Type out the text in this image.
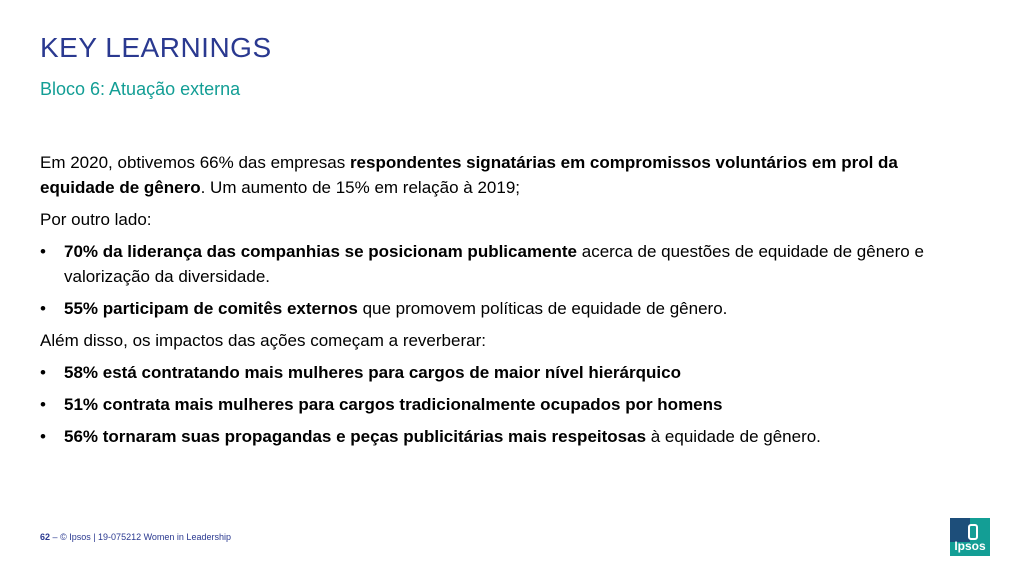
KEY LEARNINGS
Bloco 6: Atuação externa

Em 2020, obtivemos 66% das empresas respondentes signatárias em compromissos voluntários em prol da equidade de gênero. Um aumento de 15% em relação à 2019;

Por outro lado:

• 70% da liderança das companhias se posicionam publicamente acerca de questões de equidade de gênero e valorização da diversidade.

• 55% participam de comitês externos que promovem políticas de equidade de gênero.

Além disso, os impactos das ações começam a reverberar:

• 58% está contratando mais mulheres para cargos de maior nível hierárquico

• 51% contrata mais mulheres para cargos tradicionalmente ocupados por homens

• 56% tornaram suas propagandas e peças publicitárias mais respeitosas à equidade de gênero.

62 – © Ipsos | 19-075212 Women in Leadership
Ipsos
